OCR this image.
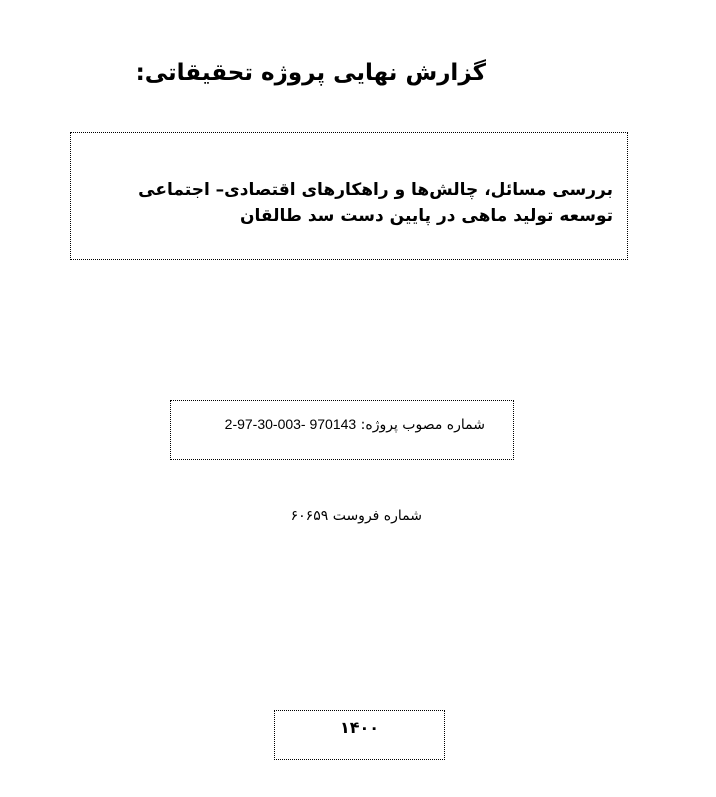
گزارش نهایی پروژه تحقیقاتی:
بررسی مسائل، چالش‌ها و راهکارهای اقتصادی– اجتماعی توسعه تولید ماهی در پایین دست سد طالقان
شماره مصوب پروژه: 2-97-30-003- 970143
شماره فروست ۶۰۶۵۹
۱۴۰۰
